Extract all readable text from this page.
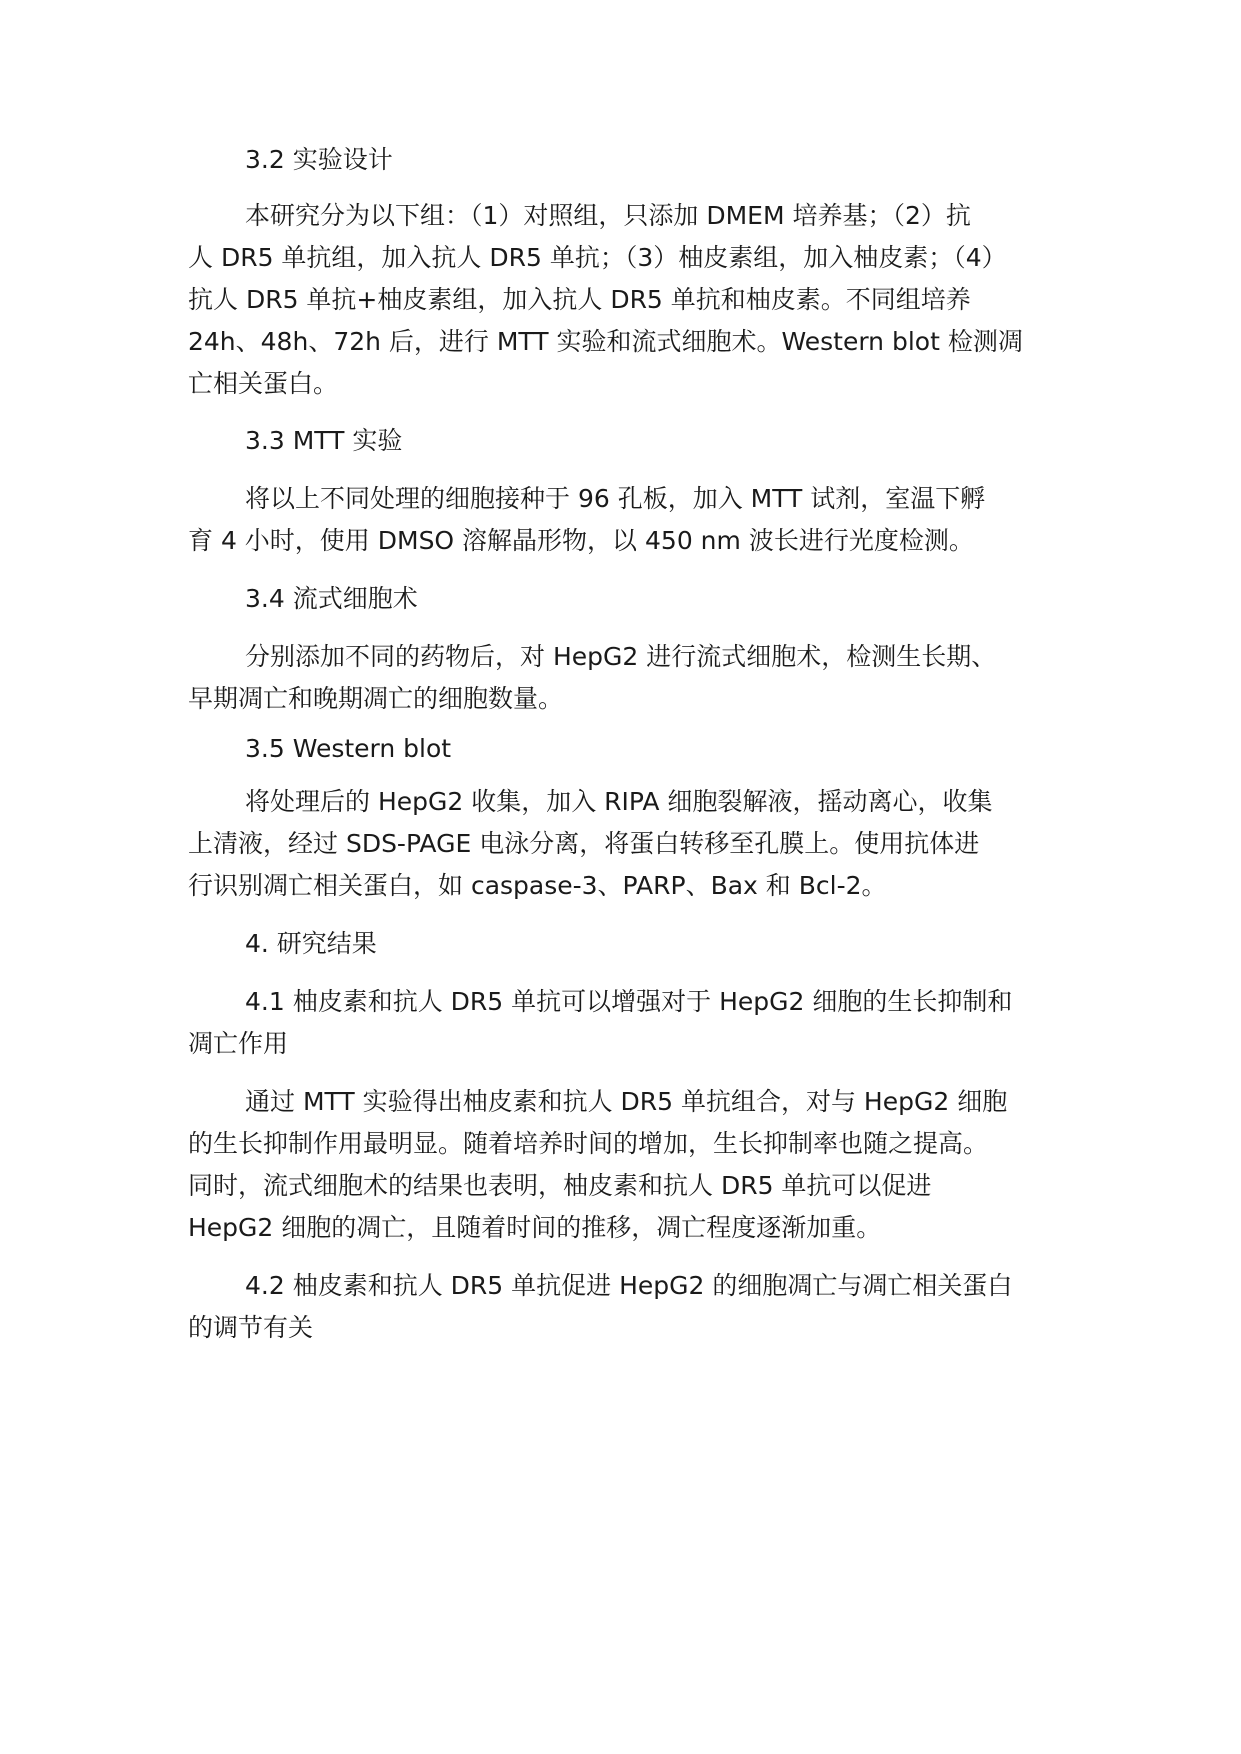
3.2 实验设计

本研究分为以下组：（1）对照组，只添加 DMEM 培养基；（2）抗

人 DR5 单抗组，加入抗人 DR5 单抗；（3）柚皮素组，加入柚皮素；（4）

抗人 DR5 单抗+柚皮素组，加入抗人 DR5 单抗和柚皮素。不同组培养

24h、48h、72h 后，进行 MTT 实验和流式细胞术。Western blot 检测凋

亡相关蛋白。

3.3 MTT 实验

将以上不同处理的细胞接种于 96 孔板，加入 MTT 试剂，室温下孵

育 4 小时，使用 DMSO 溶解晶形物，以 450 nm 波长进行光度检测。

3.4 流式细胞术

分别添加不同的药物后，对 HepG2 进行流式细胞术，检测生长期、

早期凋亡和晚期凋亡的细胞数量。

3.5 Western blot

将处理后的 HepG2 收集，加入 RIPA 细胞裂解液，摇动离心，收集

上清液，经过 SDS-PAGE 电泳分离，将蛋白转移至孔膜上。使用抗体进

行识别凋亡相关蛋白，如 caspase-3、PARP、Bax 和 Bcl-2。

4. 研究结果

4.1 柚皮素和抗人 DR5 单抗可以增强对于 HepG2 细胞的生长抑制和

凋亡作用

通过 MTT 实验得出柚皮素和抗人 DR5 单抗组合，对与 HepG2 细胞

的生长抑制作用最明显。随着培养时间的增加，生长抑制率也随之提高。

同时，流式细胞术的结果也表明，柚皮素和抗人 DR5 单抗可以促进

HepG2 细胞的凋亡，且随着时间的推移，凋亡程度逐渐加重。

4.2 柚皮素和抗人 DR5 单抗促进 HepG2 的细胞凋亡与凋亡相关蛋白

的调节有关
